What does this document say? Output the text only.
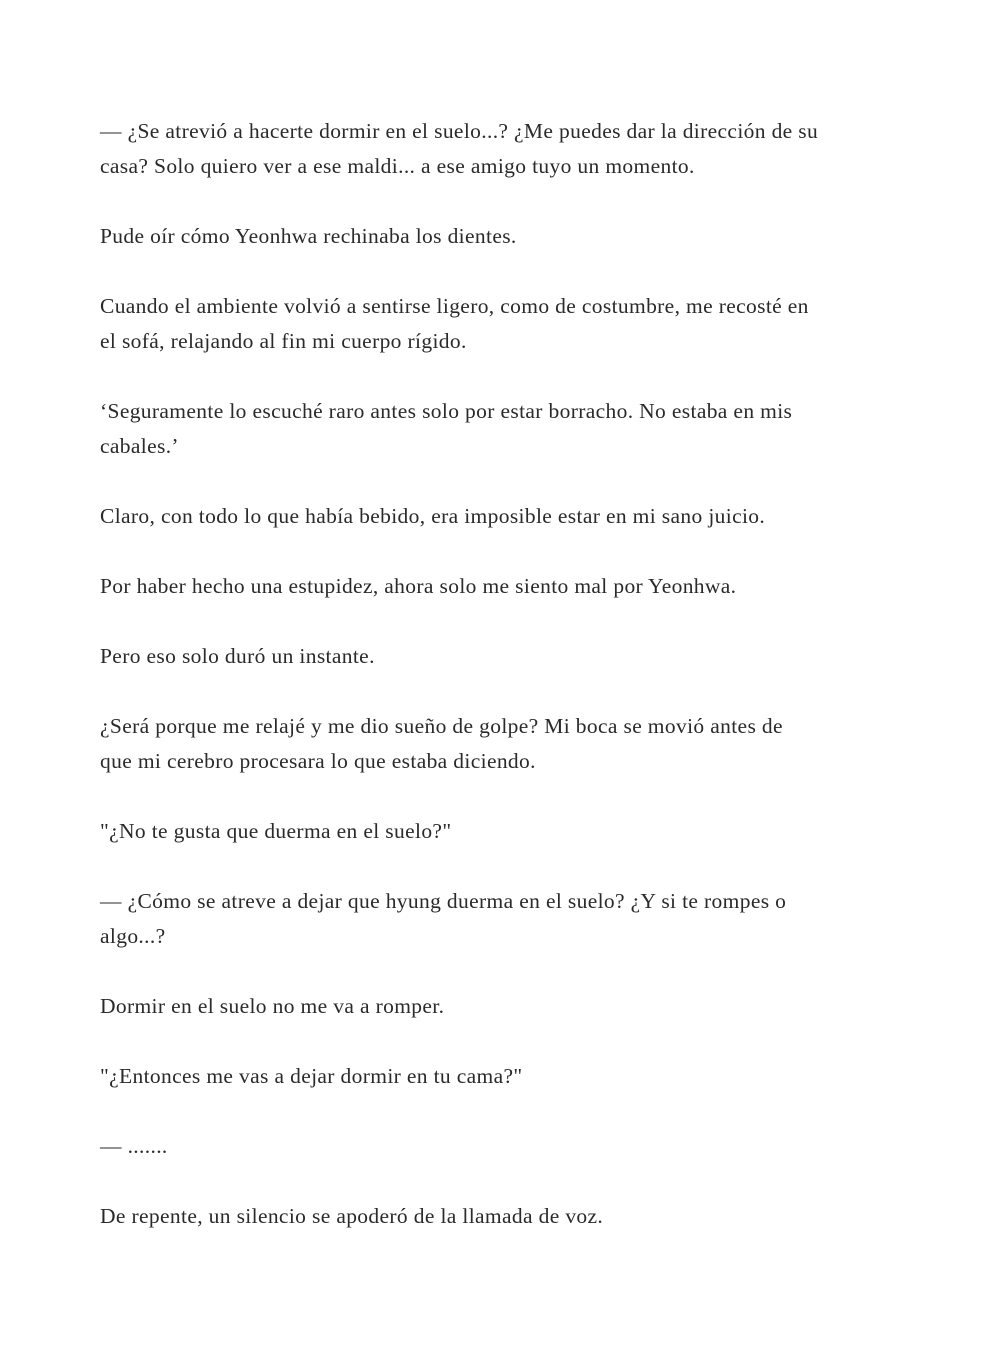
— ¿Se atrevió a hacerte dormir en el suelo...? ¿Me puedes dar la dirección de su
casa? Solo quiero ver a ese maldi... a ese amigo tuyo un momento.

Pude oír cómo Yeonhwa rechinaba los dientes.

Cuando el ambiente volvió a sentirse ligero, como de costumbre, me recosté en
el sofá, relajando al fin mi cuerpo rígido.

‘Seguramente lo escuché raro antes solo por estar borracho. No estaba en mis
cabales.’

Claro, con todo lo que había bebido, era imposible estar en mi sano juicio.

Por haber hecho una estupidez, ahora solo me siento mal por Yeonhwa.

Pero eso solo duró un instante.

¿Será porque me relajé y me dio sueño de golpe? Mi boca se movió antes de
que mi cerebro procesara lo que estaba diciendo.

"¿No te gusta que duerma en el suelo?"

— ¿Cómo se atreve a dejar que hyung duerma en el suelo? ¿Y si te rompes o
algo...?

Dormir en el suelo no me va a romper.

"¿Entonces me vas a dejar dormir en tu cama?"

— .......

De repente, un silencio se apoderó de la llamada de voz.
